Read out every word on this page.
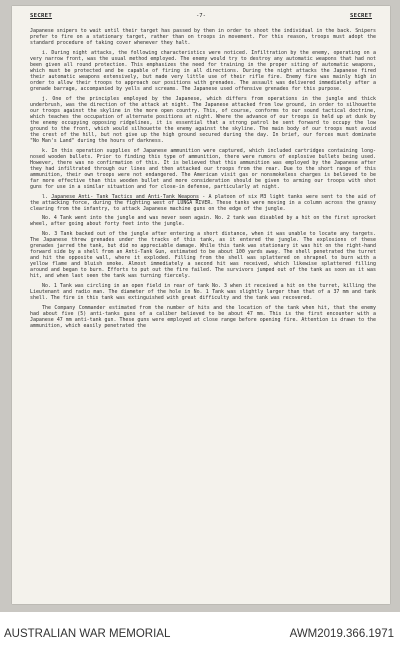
SECRET	-7-	SECRET

Japanese snipers to wait until their target has passed by then in order to shoot the individual in the back. Snipers prefer to fire on a stationary target, rather than on troops in movement. For this reason, troops must adopt the standard procedure of taking cover whenever they halt.

i. During night attacks, the following characteristics were noticed. Infiltration by the enemy, operating on a very narrow front, was the usual method employed. The enemy would try to destroy any automatic weapons that had not been given all round protection. This emphasizes the need for training in the proper siting of automatic weapons, which must be protected and be capable of firing in all directions. During the night attacks the Japanese fired their automatic weapons extensively, but made very little use of their rifle fire. Enemy fire was mainly high in order to allow their troops to approach our positions with grenades. The assault was delivered immediately after a grenade barrage, accompanied by yells and screams. The Japanese used offensive grenades for this purpose.

j. One of the principles employed by the Japanese, which differs from operations in the jungle and thick underbrush, was the direction of the attack at night. The Japanese attacked from low ground, in order to silhouette our troops against the skyline in the more open country. This, of course, conforms to our sound tactical doctrine, which teaches the occupation of alternate positions at night. Where the advance of our troops is held up at dusk by the enemy occupying opposing ridgelines, it is essential that a strong patrol be sent forward to occupy the low ground to the front, which would silhouette the enemy against the skyline. The main body of our troops must avoid the crest of the hill, but not give up the high ground secured during the day. In brief, our forces must dominate "No Man's Land" during the hours of darkness.

k. In this operation supplies of Japanese ammunition were captured, which included cartridges containing long-nosed wooden bullets. Prior to finding this type of ammunition, there were rumors of explosive bullets being used. However, there was no confirmation of this. It is believed that this ammunition was employed by the Japanese after they had infiltrated through our lines and then attacked our troops from the rear. Due to the short range of this ammunition, their own troops were not endangered. The American visit gas or nonsmokeless charges is believed to be far more effective than this wooden bullet and more consideration should be given to arming our troops with shot guns for use in a similar situation and for close-in defense, particularly at night.

l. Japanese Anti- Tank Tactics and Anti-Tank Weapons - A platoon of six M3 light tanks were sent to the aid of the attacking force, during the fighting west of LUNGA RIVER. These tanks were moving in a column across the grassy clearing from the infantry, to attack Japanese machine guns on the edge of the jungle.

No. 4 Tank went into the jungle and was never seen again. No. 2 tank was disabled by a hit on the first sprocket wheel, after going about forty feet into the jungle.

No. 3 Tank backed out of the jungle after entering a short distance, when it was unable to locate any targets. The Japanese threw grenades under the tracks of this tank, as it entered the jungle. The explosions of these grenades jarred the tank, but did no appreciable damage. While this tank was stationary it was hit on the right-hand forward side by a shell from an Anti-Tank Gun, estimated to be about 100 yards away. The shell penetrated the turret and hit the opposite wall, where it exploded. Filling from the shell was splattered on shrapnel to burn with a yellow flame and bluish smoke. Almost immediately a second hit was received, which likewise splattered filling around and began to burn. Efforts to put out the fire failed. The survivors jumped out of the tank as soon as it was hit, and when last seen the tank was turning fiercely.

No. 1 Tank was circling in an open field in rear of tank No. 3 when it received a hit on the turret, killing the Lieutenant and radio man. The diameter of the hole in No. 1 Tank was slightly larger than that of a 37 mm and tank shell. The fire in this tank was extinguished with great difficulty and the tank was recovered.

The Company Commander estimated from the number of hits and the location of the tank when hit, that the enemy had about five (5) anti-tanks guns of a caliber believed to be about 47 mm. This is the first encounter with a Japanese 47 mm anti-tank gun. These guns were employed at close range before opening fire. Attention is drawn to the ammunition, which easily penetrated the

AUSTRALIAN WAR MEMORIAL	AWM2019.366.1971
